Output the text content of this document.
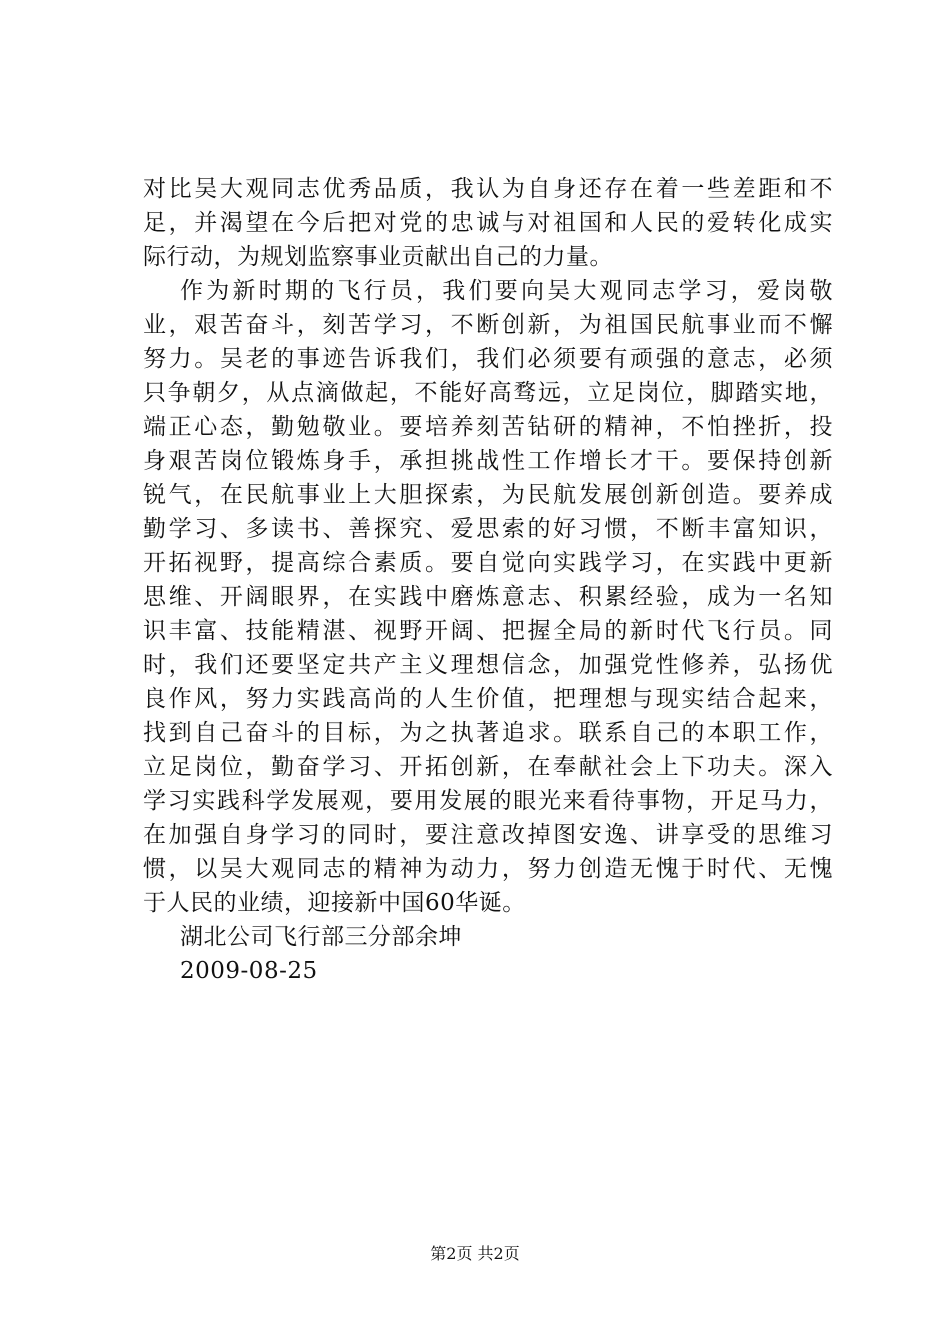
对比吴大观同志优秀品质，我认为自身还存在着一些差距和不
足，并渴望在今后把对党的忠诚与对祖国和人民的爱转化成实
际行动，为规划监察事业贡献出自己的力量。
作为新时期的飞行员，我们要向吴大观同志学习，爱岗敬
业，艰苦奋斗，刻苦学习，不断创新，为祖国民航事业而不懈
努力。吴老的事迹告诉我们，我们必须要有顽强的意志，必须
只争朝夕，从点滴做起，不能好高骛远，立足岗位，脚踏实地，
端正心态，勤勉敬业。要培养刻苦钻研的精神，不怕挫折，投
身艰苦岗位锻炼身手，承担挑战性工作增长才干。要保持创新
锐气，在民航事业上大胆探索，为民航发展创新创造。要养成
勤学习、多读书、善探究、爱思索的好习惯，不断丰富知识，
开拓视野，提高综合素质。要自觉向实践学习，在实践中更新
思维、开阔眼界，在实践中磨炼意志、积累经验，成为一名知
识丰富、技能精湛、视野开阔、把握全局的新时代飞行员。同
时，我们还要坚定共产主义理想信念，加强党性修养，弘扬优
良作风，努力实践高尚的人生价值，把理想与现实结合起来，
找到自己奋斗的目标，为之执著追求。联系自己的本职工作，
立足岗位，勤奋学习、开拓创新，在奉献社会上下功夫。深入
学习实践科学发展观，要用发展的眼光来看待事物，开足马力，
在加强自身学习的同时，要注意改掉图安逸、讲享受的思维习
惯，以吴大观同志的精神为动力，努力创造无愧于时代、无愧
于人民的业绩，迎接新中国60华诞。
湖北公司飞行部三分部余坤
2009-08-25
第2页 共2页
